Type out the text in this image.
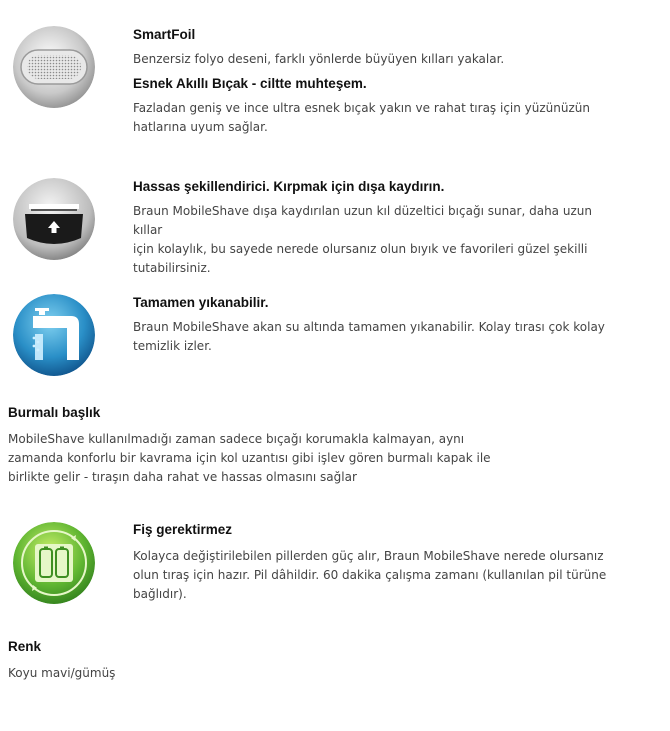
SmartFoil

Benzersiz folyo deseni, farklı yönlerde büyüyen kılları yakalar.

Esnek Akıllı Bıçak - ciltte muhteşem.

Fazladan geniş ve ince ultra esnek bıçak yakın ve rahat tıraş için yüzünüzün

hatlarına uyum sağlar.

Hassas şekillendirici. Kırpmak için dışa kaydırın.

Braun MobileShave dışa kaydırılan uzun kıl düzeltici bıçağı sunar, daha uzun kıllar

için kolaylık, bu sayede nerede olursanız olun bıyık ve favorileri güzel şekilli

tutabilirsiniz.

Tamamen yıkanabilir.

Braun MobileShave akan su altında tamamen yıkanabilir. Kolay tırası çok kolay

temizlik izler.

Burmalı başlık

MobileShave kullanılmadığı zaman sadece bıçağı korumakla kalmayan, aynı

zamanda konforlu bir kavrama için kol uzantısı gibi işlev gören burmalı kapak ile

birlikte gelir - tıraşın daha rahat ve hassas olmasını sağlar

Fiş gerektirmez

Kolayca değiştirilebilen pillerden güç alır, Braun MobileShave nerede olursanız

olun tıraş için hazır. Pil dâhildir. 60 dakika çalışma zamanı (kullanılan pil türüne

bağlıdır).

Renk

Koyu mavi/gümüş
